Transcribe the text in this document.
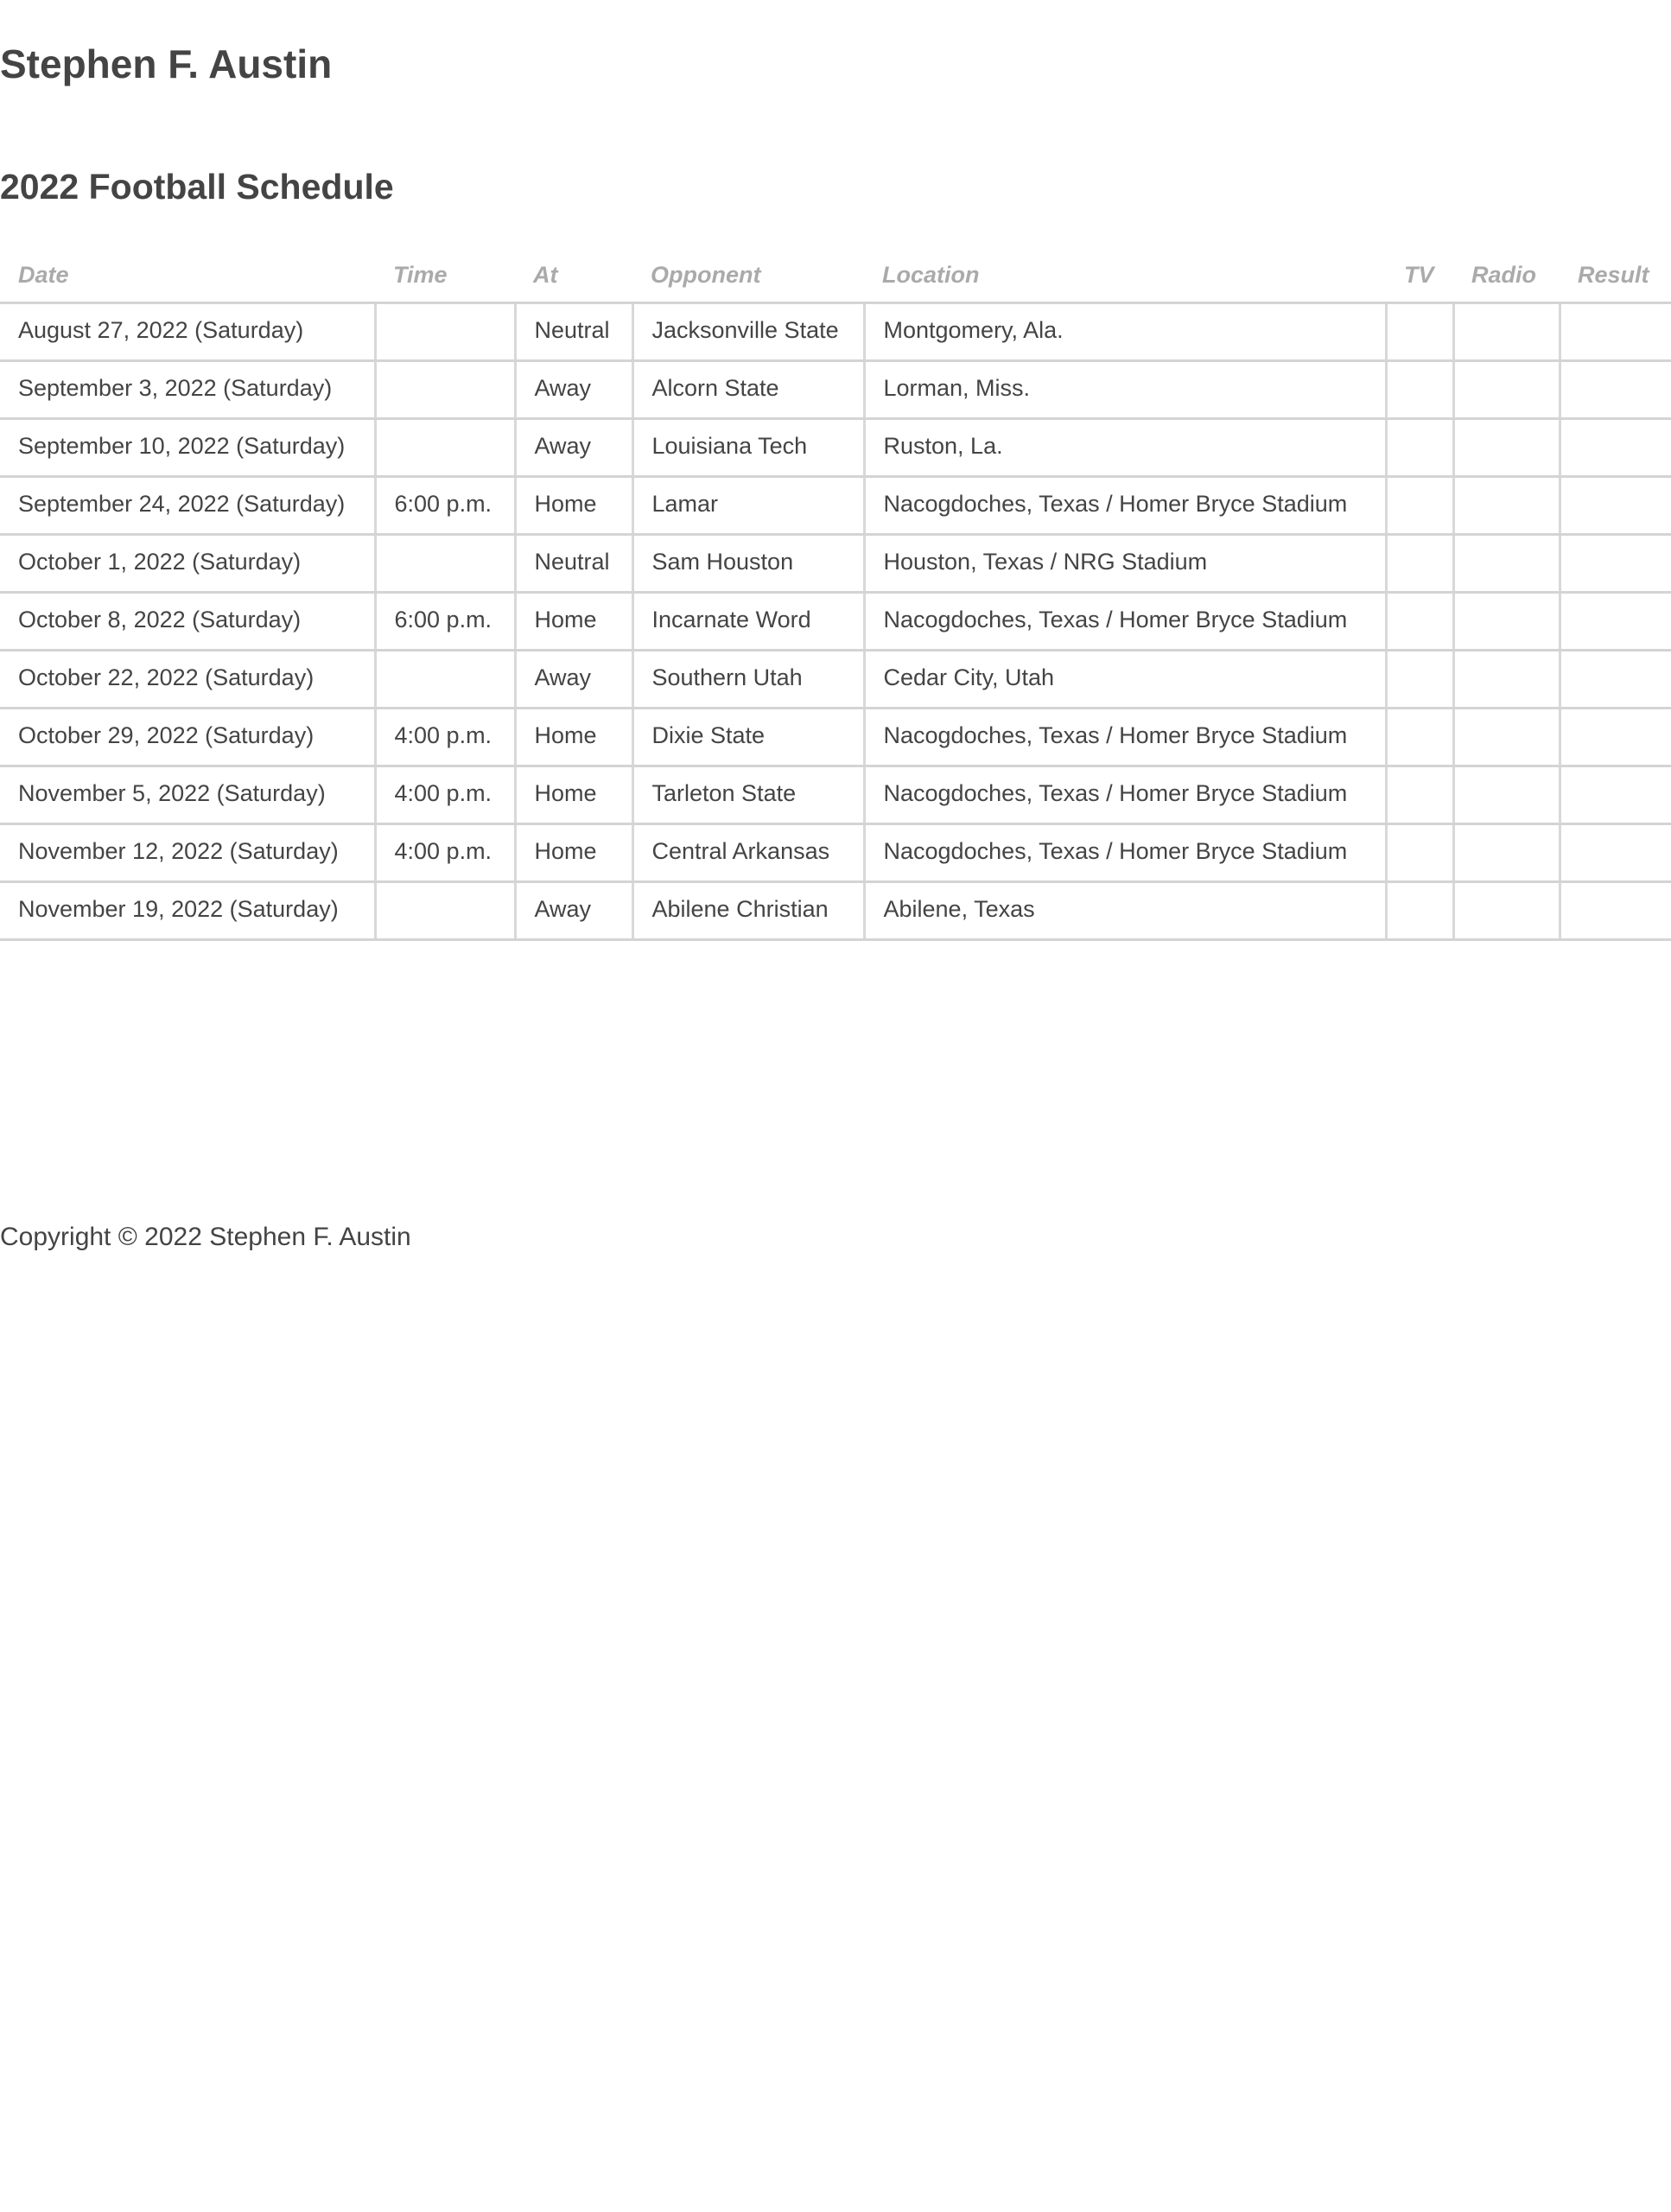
Stephen F. Austin
2022 Football Schedule
Date	Time	At	Opponent	Location	TV	Radio	Result
August 27, 2022 (Saturday)		Neutral	Jacksonville State	Montgomery, Ala.			
September 3, 2022 (Saturday)		Away	Alcorn State	Lorman, Miss.			
September 10, 2022 (Saturday)		Away	Louisiana Tech	Ruston, La.			
September 24, 2022 (Saturday)	6:00 p.m.	Home	Lamar	Nacogdoches, Texas / Homer Bryce Stadium			
October 1, 2022 (Saturday)		Neutral	Sam Houston	Houston, Texas / NRG Stadium			
October 8, 2022 (Saturday)	6:00 p.m.	Home	Incarnate Word	Nacogdoches, Texas / Homer Bryce Stadium			
October 22, 2022 (Saturday)		Away	Southern Utah	Cedar City, Utah			
October 29, 2022 (Saturday)	4:00 p.m.	Home	Dixie State	Nacogdoches, Texas / Homer Bryce Stadium			
November 5, 2022 (Saturday)	4:00 p.m.	Home	Tarleton State	Nacogdoches, Texas / Homer Bryce Stadium			
November 12, 2022 (Saturday)	4:00 p.m.	Home	Central Arkansas	Nacogdoches, Texas / Homer Bryce Stadium			
November 19, 2022 (Saturday)		Away	Abilene Christian	Abilene, Texas			
Copyright © 2022 Stephen F. Austin
